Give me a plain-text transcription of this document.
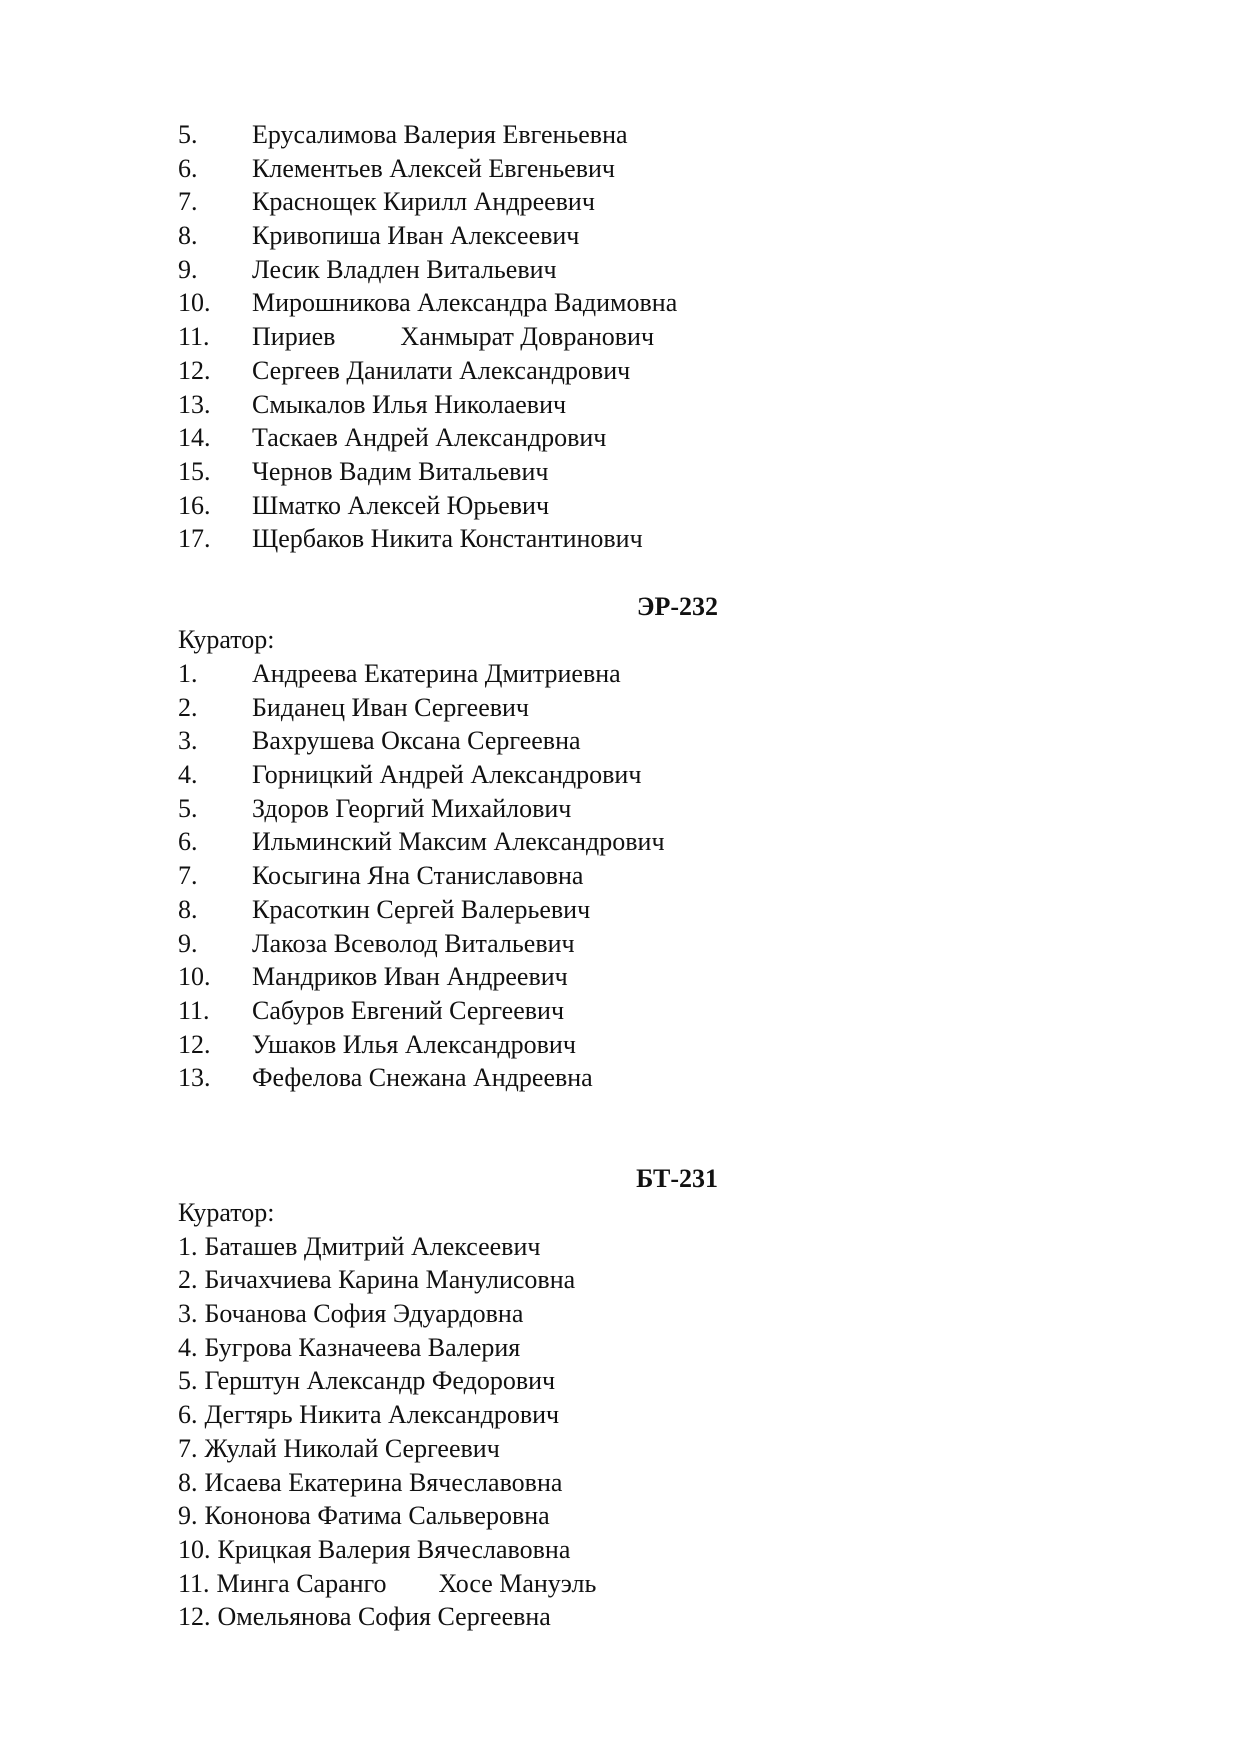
5. Ерусалимова Валерия Евгеньевна
6. Клементьев Алексей Евгеньевич
7. Краснощек Кирилл Андреевич
8. Кривопиша Иван Алексеевич
9. Лесик Владлен Витальевич
10. Мирошникова Александра Вадимовна
11. Пириев          Ханмырат Довранович
12. Сергеев Данилати Александрович
13. Смыкалов Илья Николаевич
14. Таскаев Андрей Александрович
15. Чернов Вадим Витальевич
16. Шматко Алексей Юрьевич
17. Щербаков Никита Константинович
ЭР-232
Куратор:
1. Андреева Екатерина Дмитриевна
2. Биданец Иван Сергеевич
3. Вахрушева Оксана Сергеевна
4. Горницкий Андрей Александрович
5. Здоров Георгий Михайлович
6. Ильминский Максим Александрович
7. Косыгина Яна Станиславовна
8. Красоткин Сергей Валерьевич
9. Лакоза Всеволод Витальевич
10. Мандриков Иван Андреевич
11. Сабуров Евгений Сергеевич
12. Ушаков Илья Александрович
13. Фефелова Снежана Андреевна
БТ-231
Куратор:
1. Баташев Дмитрий Алексеевич
2. Бичахчиева Карина Манулисовна
3. Бочанова София Эдуардовна
4. Бугрова Казначеева Валерия
5. Герштун Александр Федорович
6. Дегтярь Никита Александрович
7. Жулай Николай Сергеевич
8. Исаева Екатерина Вячеславовна
9. Кононова Фатима Сальверовна
10. Крицкая Валерия Вячеславовна
11. Минга Саранго        Хосе Мануэль
12. Омельянова София Сергеевна
